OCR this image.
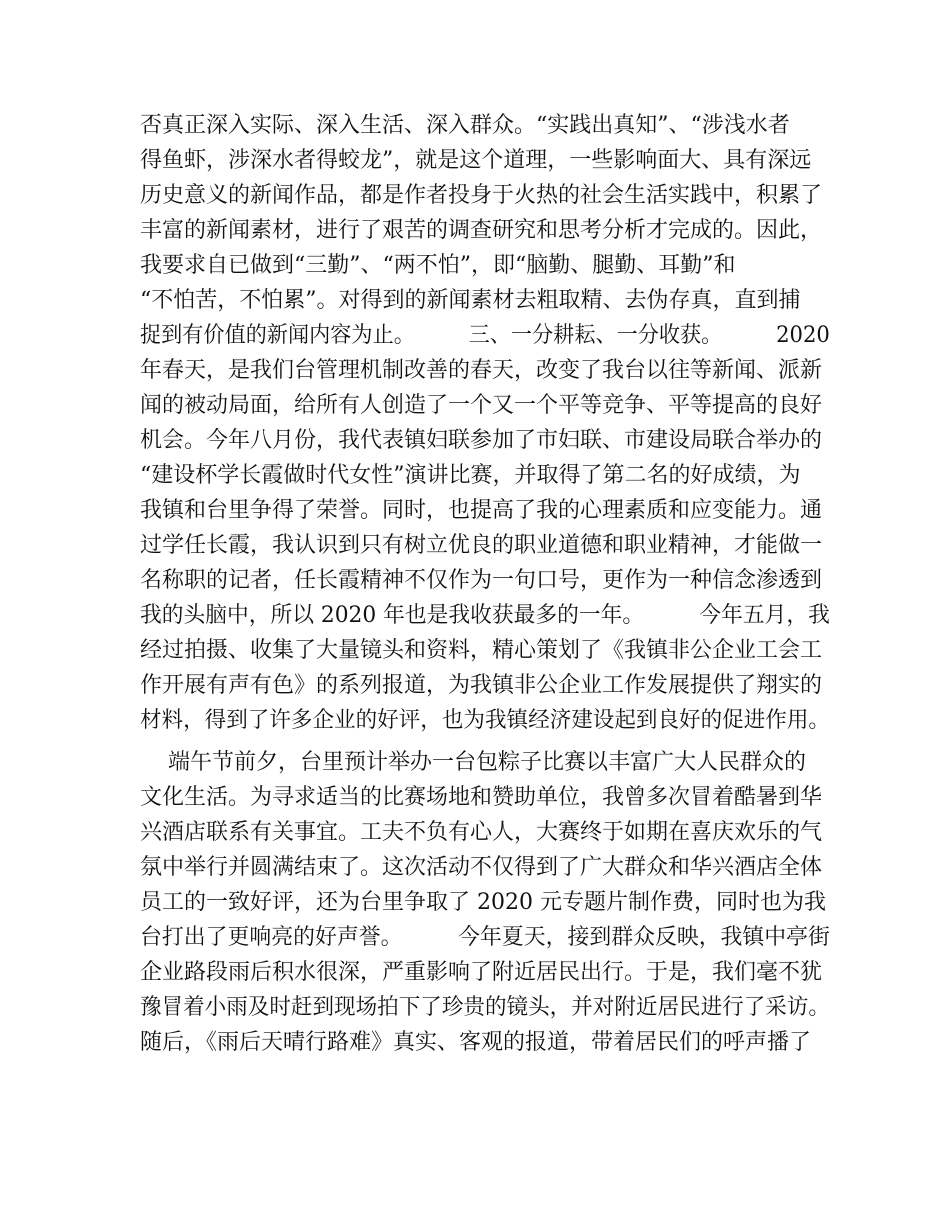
否真正深入实际、深入生活、深入群众。“实践出真知”、“涉浅水者
得鱼虾，涉深水者得蛟龙”，就是这个道理，一些影响面大、具有深远
历史意义的新闻作品，都是作者投身于火热的社会生活实践中，积累了
丰富的新闻素材，进行了艰苦的调查研究和思考分析才完成的。因此，
我要求自已做到“三勤”、“两不怕”，即“脑勤、腿勤、耳勤”和
“不怕苦，不怕累”。对得到的新闻素材去粗取精、去伪存真，直到捕
捉到有价值的新闻内容为止。        三、一分耕耘、一分收获。        2020
年春天，是我们台管理机制改善的春天，改变了我台以往等新闻、派新
闻的被动局面，给所有人创造了一个又一个平等竞争、平等提高的良好
机会。今年八月份，我代表镇妇联参加了市妇联、市建设局联合举办的
“建设杯学长霞做时代女性”演讲比赛，并取得了第二名的好成绩，为
我镇和台里争得了荣誉。同时，也提高了我的心理素质和应变能力。通
过学任长霞，我认识到只有树立优良的职业道德和职业精神，才能做一
名称职的记者，任长霞精神不仅作为一句口号，更作为一种信念渗透到
我的头脑中，所以 2020 年也是我收获最多的一年。        今年五月，我
经过拍摄、收集了大量镜头和资料，精心策划了《我镇非公企业工会工
作开展有声有色》的系列报道，为我镇非公企业工作发展提供了翔实的
材料，得到了许多企业的好评，也为我镇经济建设起到良好的促进作用。
端午节前夕，台里预计举办一台包粽子比赛以丰富广大人民群众的
文化生活。为寻求适当的比赛场地和赞助单位，我曾多次冒着酷暑到华
兴酒店联系有关事宜。工夫不负有心人，大赛终于如期在喜庆欢乐的气
氛中举行并圆满结束了。这次活动不仅得到了广大群众和华兴酒店全体
员工的一致好评，还为台里争取了 2020 元专题片制作费，同时也为我
台打出了更响亮的好声誉。        今年夏天，接到群众反映，我镇中亭街
企业路段雨后积水很深，严重影响了附近居民出行。于是，我们毫不犹
豫冒着小雨及时赶到现场拍下了珍贵的镜头，并对附近居民进行了采访。
随后，《雨后天晴行路难》真实、客观的报道，带着居民们的呼声播了
